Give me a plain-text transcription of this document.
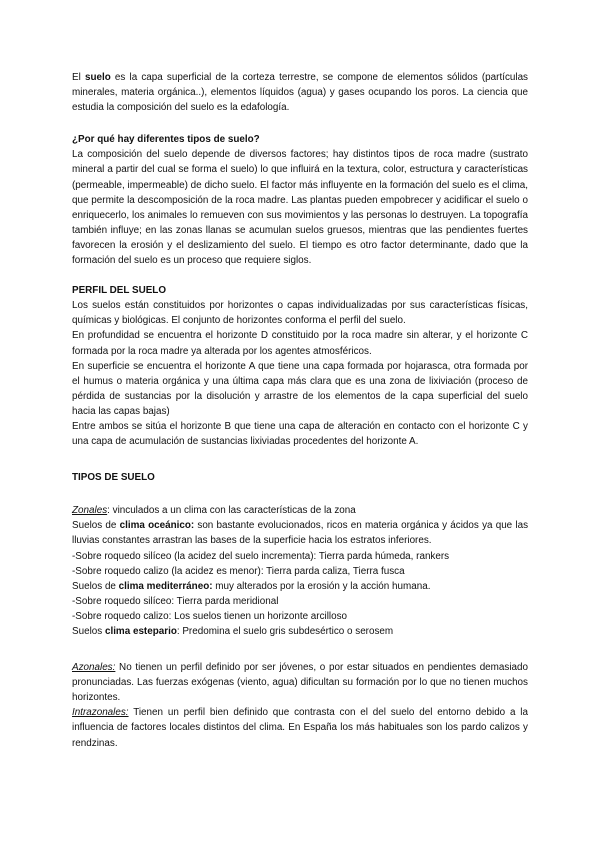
El suelo es la capa superficial de la corteza terrestre, se compone de elementos sólidos (partículas minerales, materia orgánica..), elementos líquidos (agua) y gases ocupando los poros. La ciencia que estudia la composición del suelo es la edafología.

¿Por qué hay diferentes tipos de suelo?

La composición del suelo depende de diversos factores; hay distintos tipos de roca madre (sustrato mineral a partir del cual se forma el suelo) lo que influirá en la textura, color, estructura y características (permeable, impermeable) de dicho suelo. El factor más influyente en la formación del suelo es el clima, que permite la descomposición de la roca madre. Las plantas pueden empobrecer y acidificar el suelo o enriquecerlo, los animales lo remueven con sus movimientos y las personas lo destruyen. La topografía también influye; en las zonas llanas se acumulan suelos gruesos, mientras que las pendientes fuertes favorecen la erosión y el deslizamiento del suelo. El tiempo es otro factor determinante, dado que la formación del suelo es un proceso que requiere siglos.

PERFIL DEL SUELO

Los suelos están constituidos por horizontes o capas individualizadas por sus características físicas, químicas y biológicas. El conjunto de horizontes conforma el perfil del suelo.

En profundidad se encuentra el horizonte D constituido por la roca madre sin alterar, y el horizonte C formada por la roca madre ya alterada por los agentes atmosféricos.

En superficie se encuentra el horizonte A que tiene una capa formada por hojarasca, otra formada por el humus o materia orgánica y una última capa más clara que es una zona de lixiviación (proceso de pérdida de sustancias por la disolución y arrastre de los elementos de la capa superficial del suelo hacia las capas bajas)

Entre ambos se sitúa el horizonte B que tiene una capa de alteración en contacto con el horizonte C y una capa de acumulación de sustancias lixiviadas procedentes del horizonte A.

TIPOS DE SUELO

Zonales: vinculados a un clima con las características de la zona

Suelos de clima oceánico: son bastante evolucionados, ricos en materia orgánica y ácidos ya que las lluvias constantes arrastran las bases de la superficie hacia los estratos inferiores.

-Sobre roquedo silíceo (la acidez del suelo incrementa): Tierra parda húmeda, rankers

-Sobre roquedo calizo (la acidez es menor): Tierra parda caliza, Tierra fusca

Suelos de clima mediterráneo: muy alterados por la erosión y la acción humana.

-Sobre roquedo silíceo: Tierra parda meridional

-Sobre roquedo calizo: Los suelos tienen un horizonte arcilloso

Suelos clima estepario: Predomina el suelo gris subdesértico o serosem

Azonales: No tienen un perfil definido por ser jóvenes, o por estar situados en pendientes demasiado pronunciadas. Las fuerzas exógenas (viento, agua) dificultan su formación por lo que no tienen muchos horizontes.

Intrazonales: Tienen un perfil bien definido que contrasta con el del suelo del entorno debido a la influencia de factores locales distintos del clima. En España los más habituales son los pardo calizos y rendzinas.
